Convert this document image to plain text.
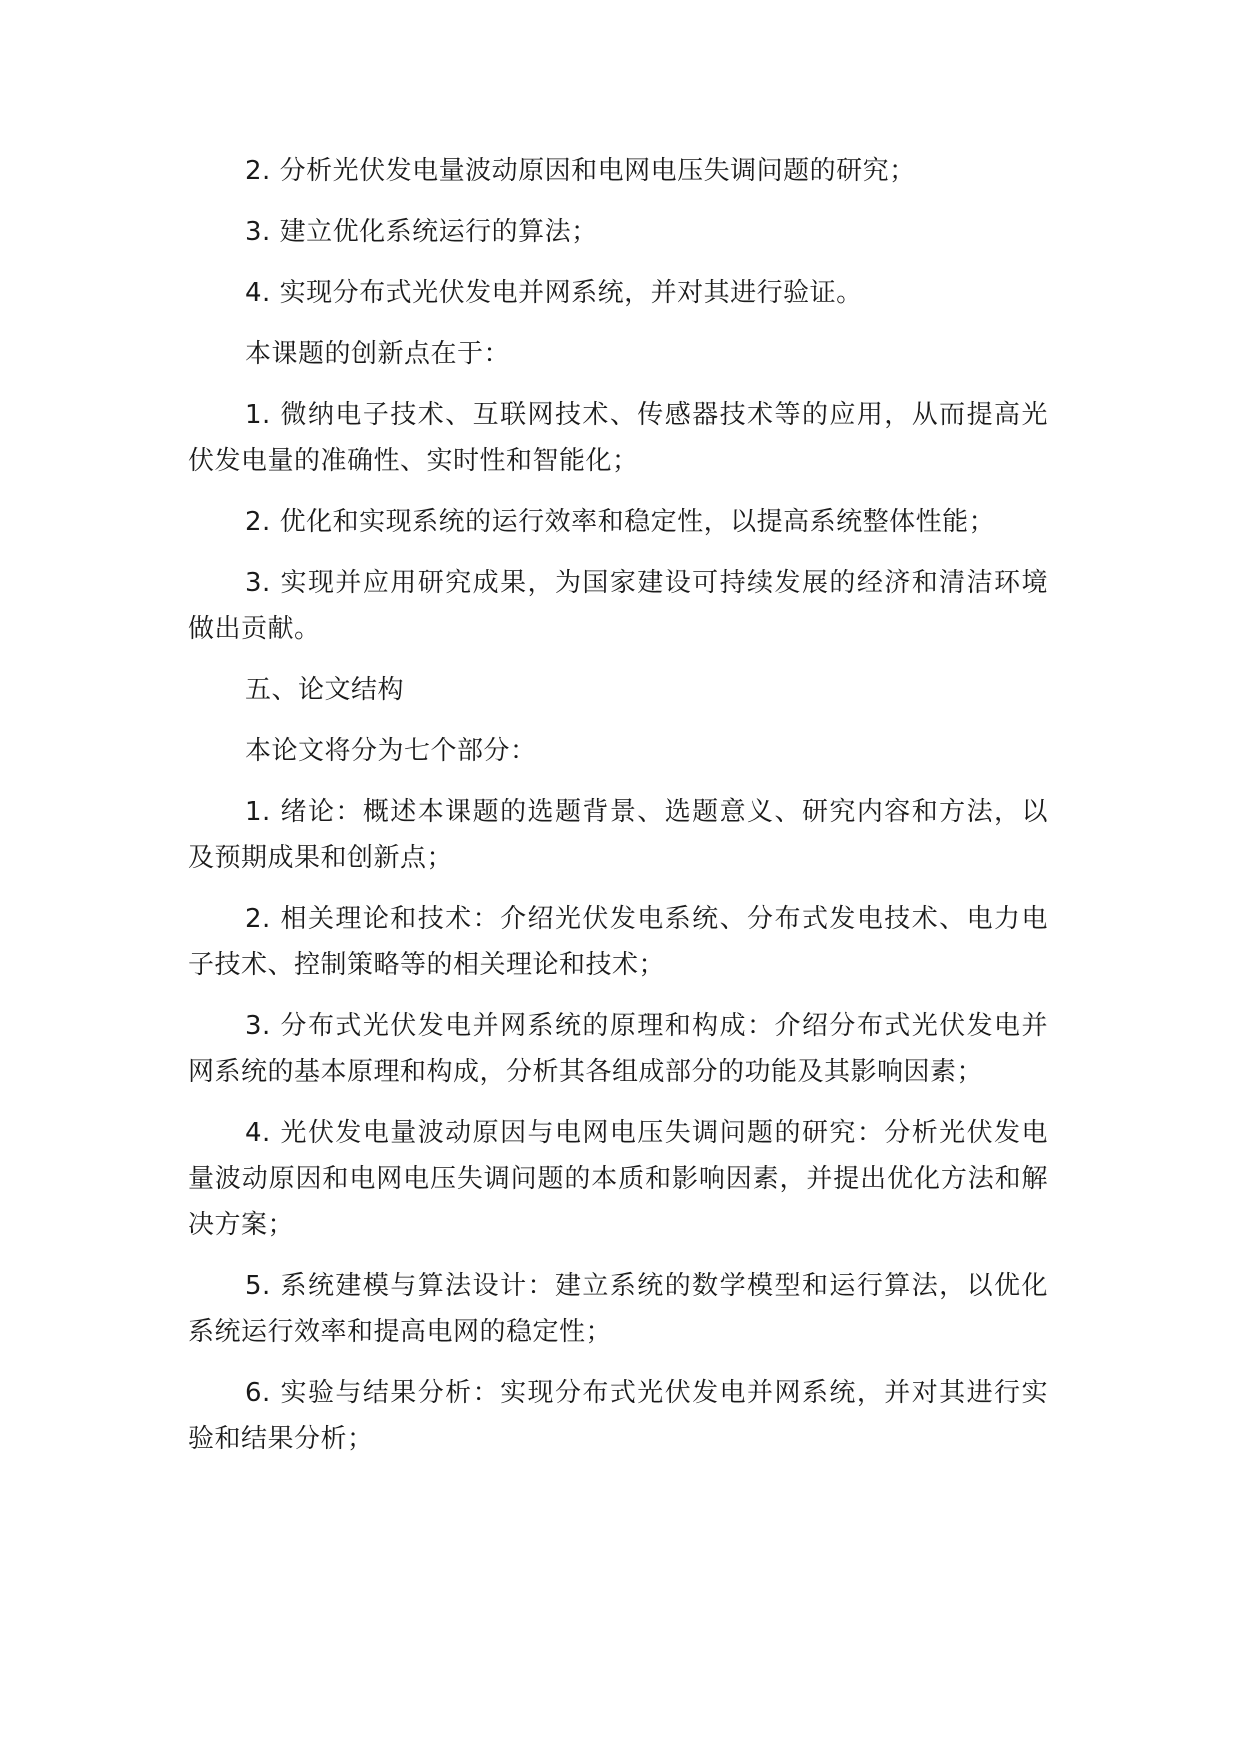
2. 分析光伏发电量波动原因和电网电压失调问题的研究；

3. 建立优化系统运行的算法；

4. 实现分布式光伏发电并网系统，并对其进行验证。

本课题的创新点在于：

1. 微纳电子技术、互联网技术、传感器技术等的应用，从而提高光伏发电量的准确性、实时性和智能化；

2. 优化和实现系统的运行效率和稳定性，以提高系统整体性能；

3. 实现并应用研究成果，为国家建设可持续发展的经济和清洁环境做出贡献。

五、论文结构

本论文将分为七个部分：

1. 绪论：概述本课题的选题背景、选题意义、研究内容和方法，以及预期成果和创新点；

2. 相关理论和技术：介绍光伏发电系统、分布式发电技术、电力电子技术、控制策略等的相关理论和技术；

3. 分布式光伏发电并网系统的原理和构成：介绍分布式光伏发电并网系统的基本原理和构成，分析其各组成部分的功能及其影响因素；

4. 光伏发电量波动原因与电网电压失调问题的研究：分析光伏发电量波动原因和电网电压失调问题的本质和影响因素，并提出优化方法和解决方案；

5. 系统建模与算法设计：建立系统的数学模型和运行算法，以优化系统运行效率和提高电网的稳定性；

6. 实验与结果分析：实现分布式光伏发电并网系统，并对其进行实验和结果分析；
